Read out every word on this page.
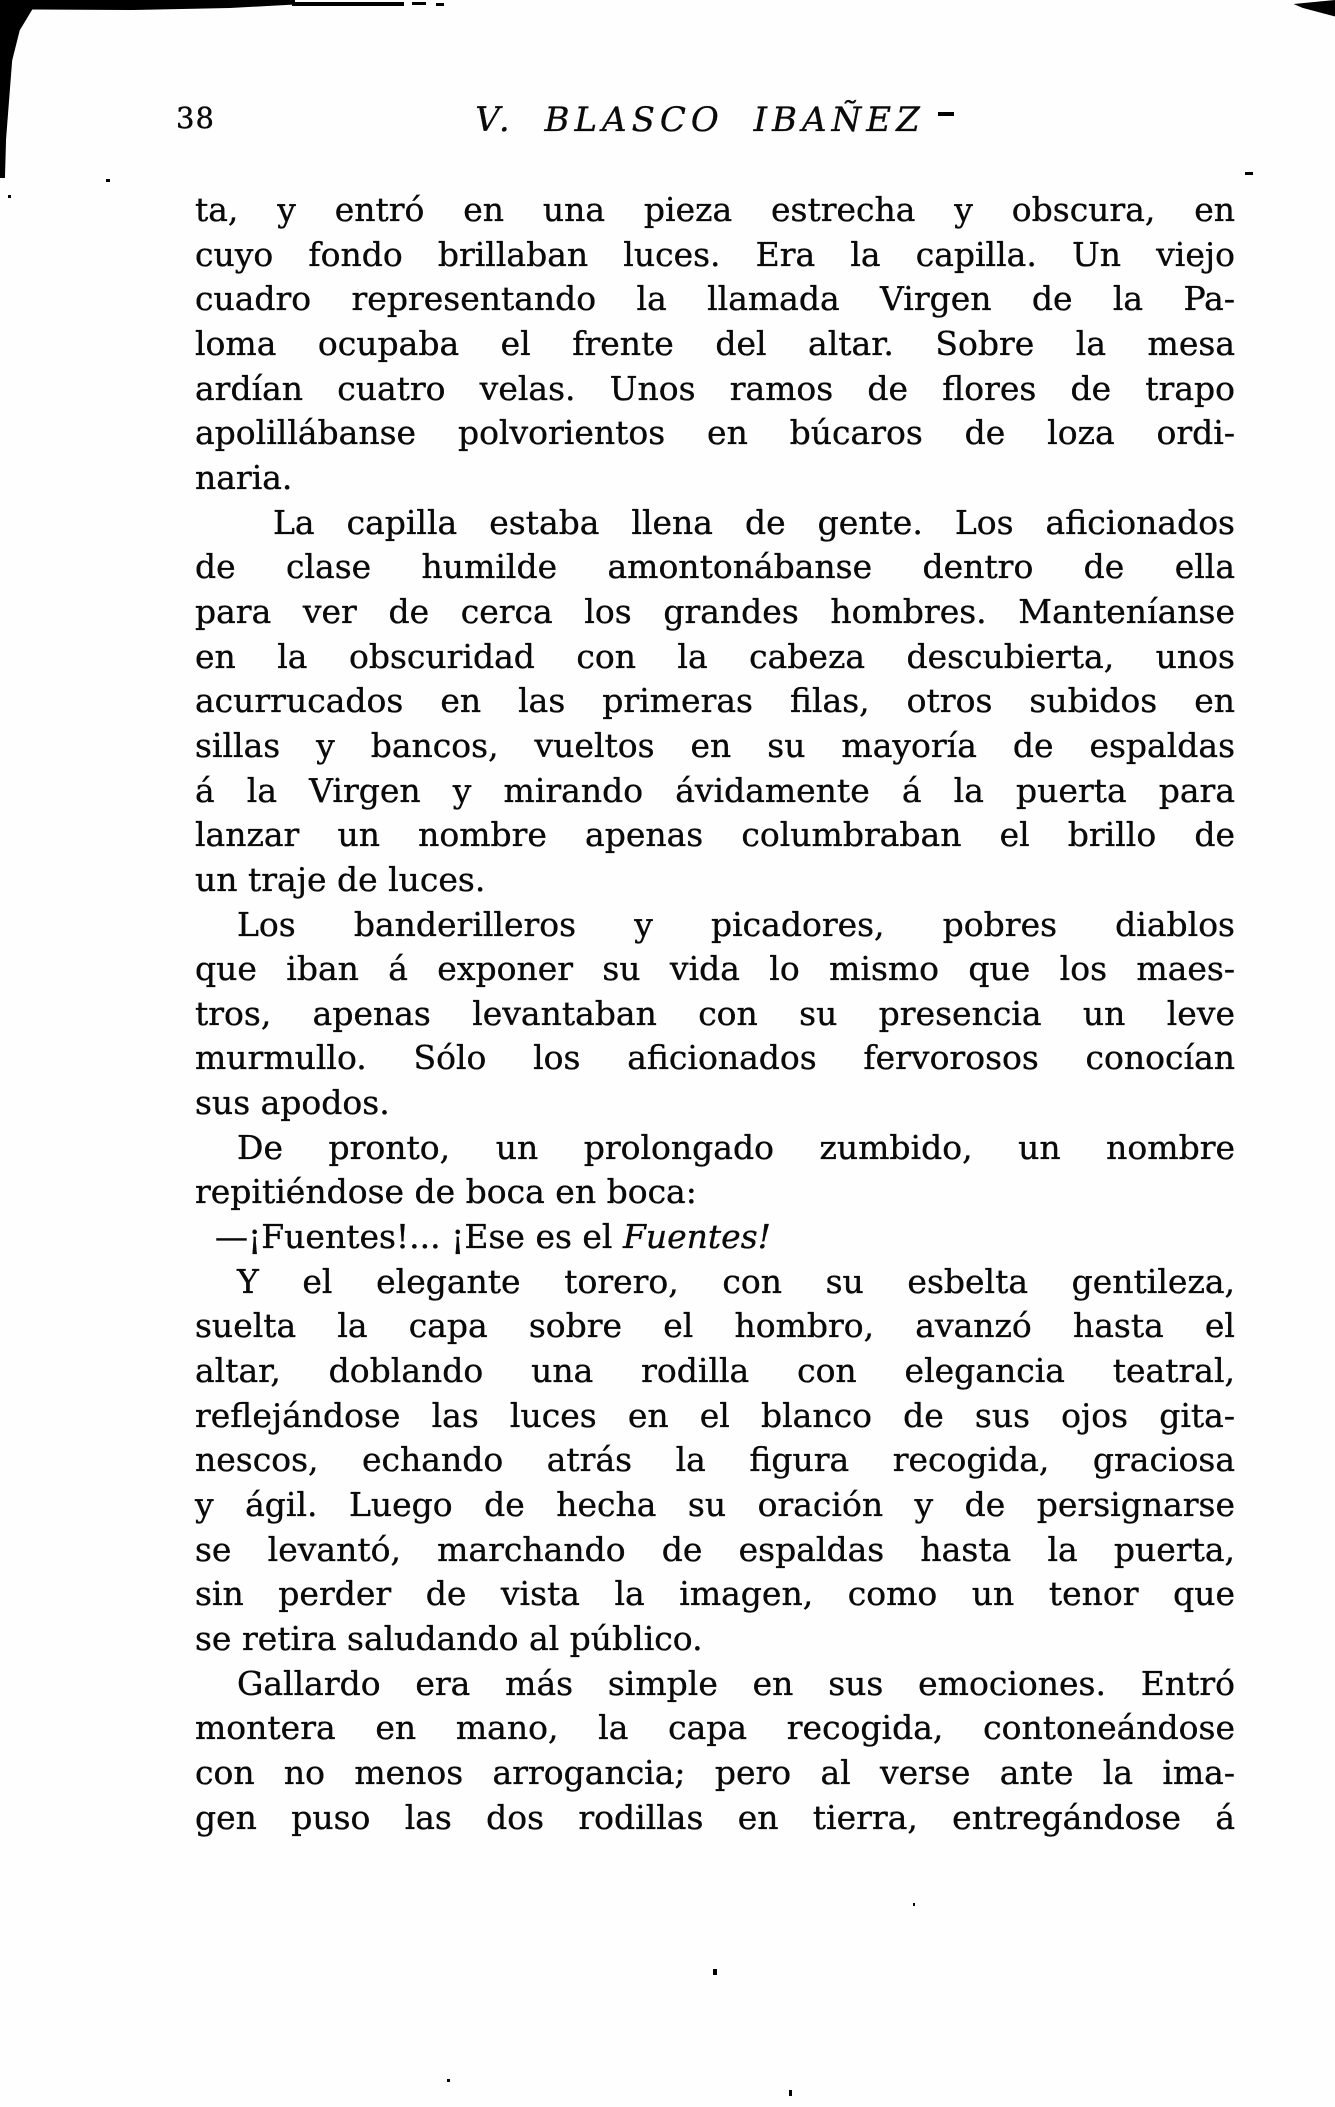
38	V. BLASCO IBAÑEZ
ta, y entró en una pieza estrecha y obscura, en
cuyo fondo brillaban luces. Era la capilla. Un viejo
cuadro representando la llamada Virgen de la Pa-
loma ocupaba el frente del altar. Sobre la mesa
ardían cuatro velas. Unos ramos de flores de trapo
apolillábanse polvorientos en búcaros de loza ordi-
naria.
La capilla estaba llena de gente. Los aficionados
de clase humilde amontonábanse dentro de ella
para ver de cerca los grandes hombres. Manteníanse
en la obscuridad con la cabeza descubierta, unos
acurrucados en las primeras filas, otros subidos en
sillas y bancos, vueltos en su mayoría de espaldas
á la Virgen y mirando ávidamente á la puerta para
lanzar un nombre apenas columbraban el brillo de
un traje de luces.
Los banderilleros y picadores, pobres diablos
que iban á exponer su vida lo mismo que los maes-
tros, apenas levantaban con su presencia un leve
murmullo. Sólo los aficionados fervorosos conocían
sus apodos.
De pronto, un prolongado zumbido, un nombre
repitiéndose de boca en boca:
—¡Fuentes!... ¡Ese es el Fuentes!
Y el elegante torero, con su esbelta gentileza,
suelta la capa sobre el hombro, avanzó hasta el
altar, doblando una rodilla con elegancia teatral,
reflejándose las luces en el blanco de sus ojos gita-
nescos, echando atrás la figura recogida, graciosa
y ágil. Luego de hecha su oración y de persignarse
se levantó, marchando de espaldas hasta la puerta,
sin perder de vista la imagen, como un tenor que
se retira saludando al público.
Gallardo era más simple en sus emociones. Entró
montera en mano, la capa recogida, contoneándose
con no menos arrogancia; pero al verse ante la ima-
gen puso las dos rodillas en tierra, entregándose á
